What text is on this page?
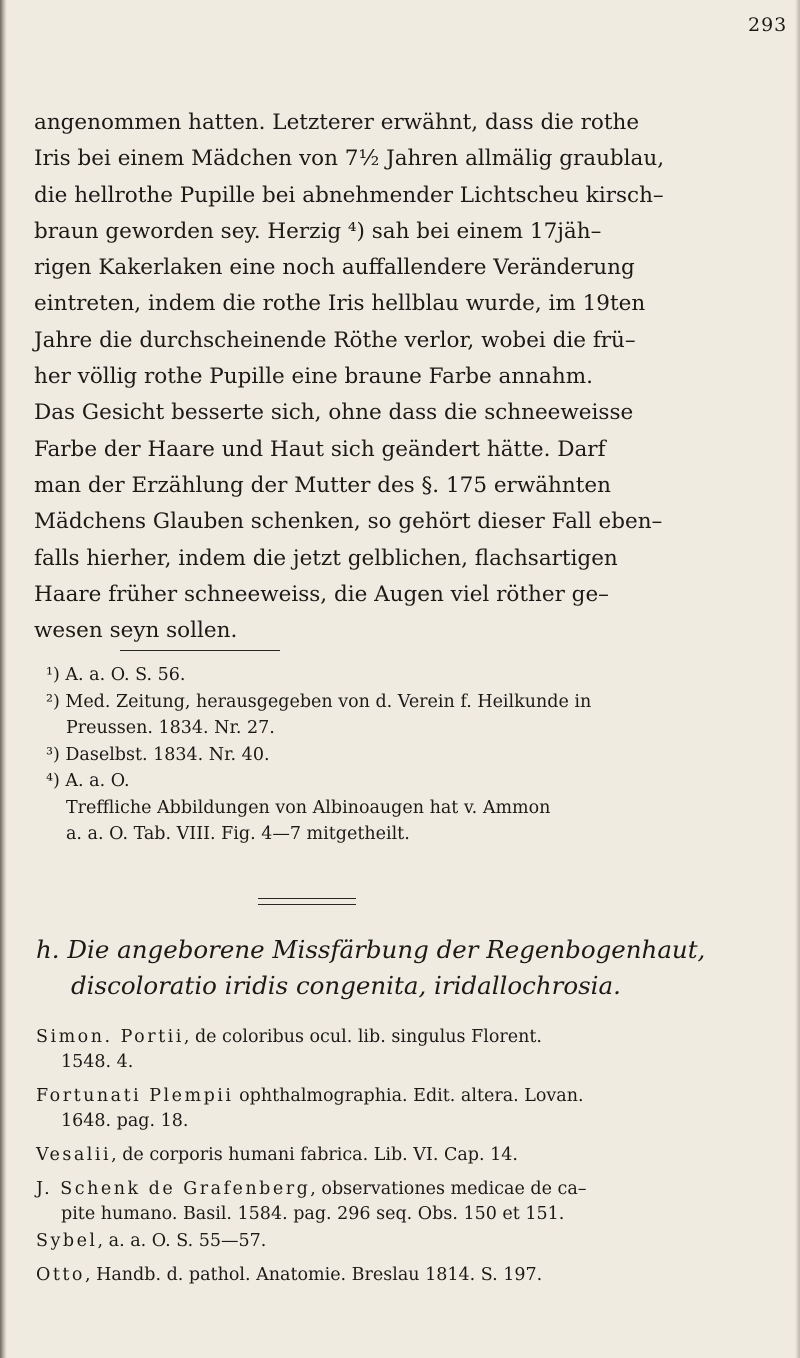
293

angenommen hatten. Letzterer erwähnt, dass die rothe
Iris bei einem Mädchen von 7½ Jahren allmälig graublau,
die hellrothe Pupille bei abnehmender Lichtscheu kirsch–
braun geworden sey. Herzig ⁴) sah bei einem 17jäh–
rigen Kakerlaken eine noch auffallendere Veränderung
eintreten, indem die rothe Iris hellblau wurde, im 19ten
Jahre die durchscheinende Röthe verlor, wobei die frü–
her völlig rothe Pupille eine braune Farbe annahm.
Das Gesicht besserte sich, ohne dass die schneeweisse
Farbe der Haare und Haut sich geändert hätte. Darf
man der Erzählung der Mutter des §. 175 erwähnten
Mädchens Glauben schenken, so gehört dieser Fall eben–
falls hierher, indem die jetzt gelblichen, flachsartigen
Haare früher schneeweiss, die Augen viel röther ge–
wesen seyn sollen.

¹) A. a. O. S. 56.
²) Med. Zeitung, herausgegeben von d. Verein f. Heilkunde in
Preussen. 1834. Nr. 27.
³) Daselbst. 1834. Nr. 40.
⁴) A. a. O.
Treffliche Abbildungen von Albinoaugen hat v. Ammon
a. a. O. Tab. VIII. Fig. 4—7 mitgetheilt.
h. Die angeborene Missfärbung der Regenbogenhaut,
discoloratio iridis congenita, iridallochrosia.
Simon. Portii, de coloribus ocul. lib. singulus Florent.
1548. 4.
Fortunati Plempii ophthalmographia. Edit. altera. Lovan.
1648. pag. 18.
Vesalii, de corporis humani fabrica. Lib. VI. Cap. 14.
J. Schenk de Grafenberg, observationes medicae de ca–
pite humano. Basil. 1584. pag. 296 seq. Obs. 150 et 151.
Sybel, a. a. O. S. 55—57.
Otto, Handb. d. pathol. Anatomie. Breslau 1814. S. 197.
